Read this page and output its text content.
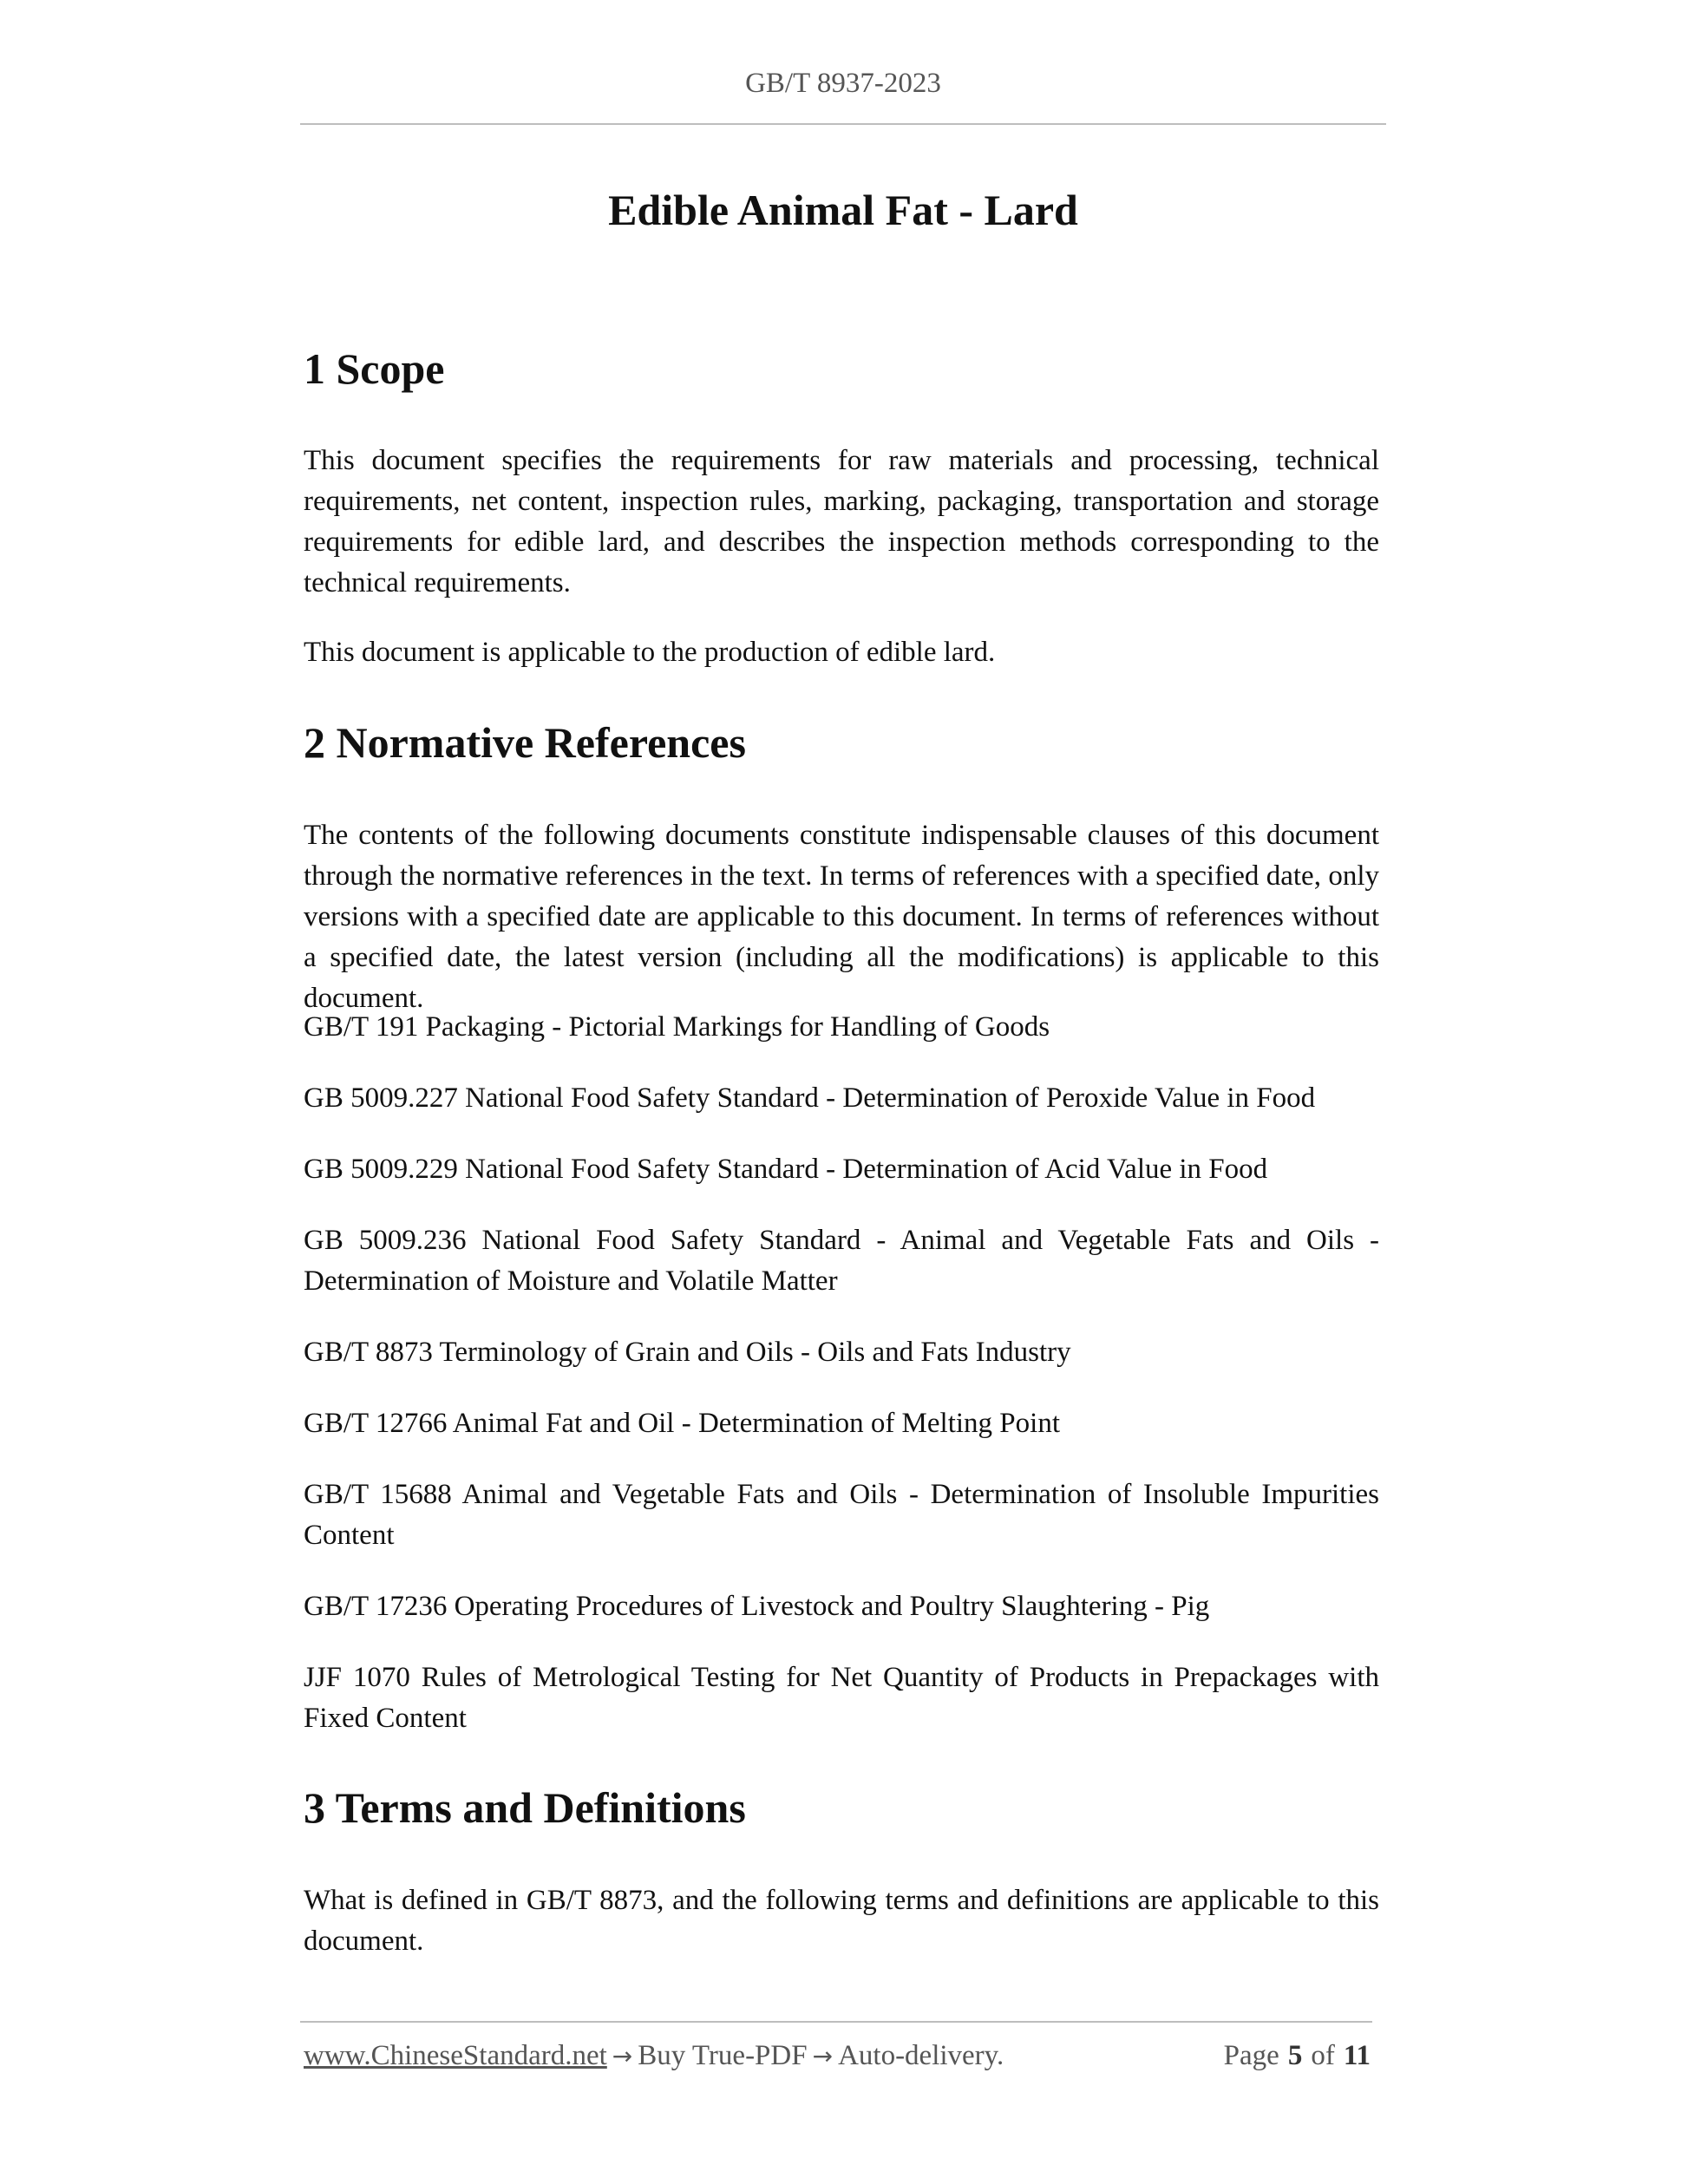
GB/T 8937-2023
Edible Animal Fat - Lard
1 Scope

This document specifies the requirements for raw materials and processing, technical requirements, net content, inspection rules, marking, packaging, transportation and storage requirements for edible lard, and describes the inspection methods corresponding to the technical requirements.

This document is applicable to the production of edible lard.

2 Normative References

The contents of the following documents constitute indispensable clauses of this document through the normative references in the text. In terms of references with a specified date, only versions with a specified date are applicable to this document. In terms of references without a specified date, the latest version (including all the modifications) is applicable to this document.

GB/T 191 Packaging - Pictorial Markings for Handling of Goods

GB 5009.227 National Food Safety Standard - Determination of Peroxide Value in Food

GB 5009.229 National Food Safety Standard - Determination of Acid Value in Food

GB 5009.236 National Food Safety Standard - Animal and Vegetable Fats and Oils - Determination of Moisture and Volatile Matter

GB/T 8873 Terminology of Grain and Oils - Oils and Fats Industry

GB/T 12766 Animal Fat and Oil - Determination of Melting Point

GB/T 15688 Animal and Vegetable Fats and Oils - Determination of Insoluble Impurities Content

GB/T 17236 Operating Procedures of Livestock and Poultry Slaughtering - Pig

JJF 1070 Rules of Metrological Testing for Net Quantity of Products in Prepackages with Fixed Content

3 Terms and Definitions

What is defined in GB/T 8873, and the following terms and definitions are applicable to this document.

www.ChineseStandard.net → Buy True-PDF → Auto-delivery.	Page 5 of 11
